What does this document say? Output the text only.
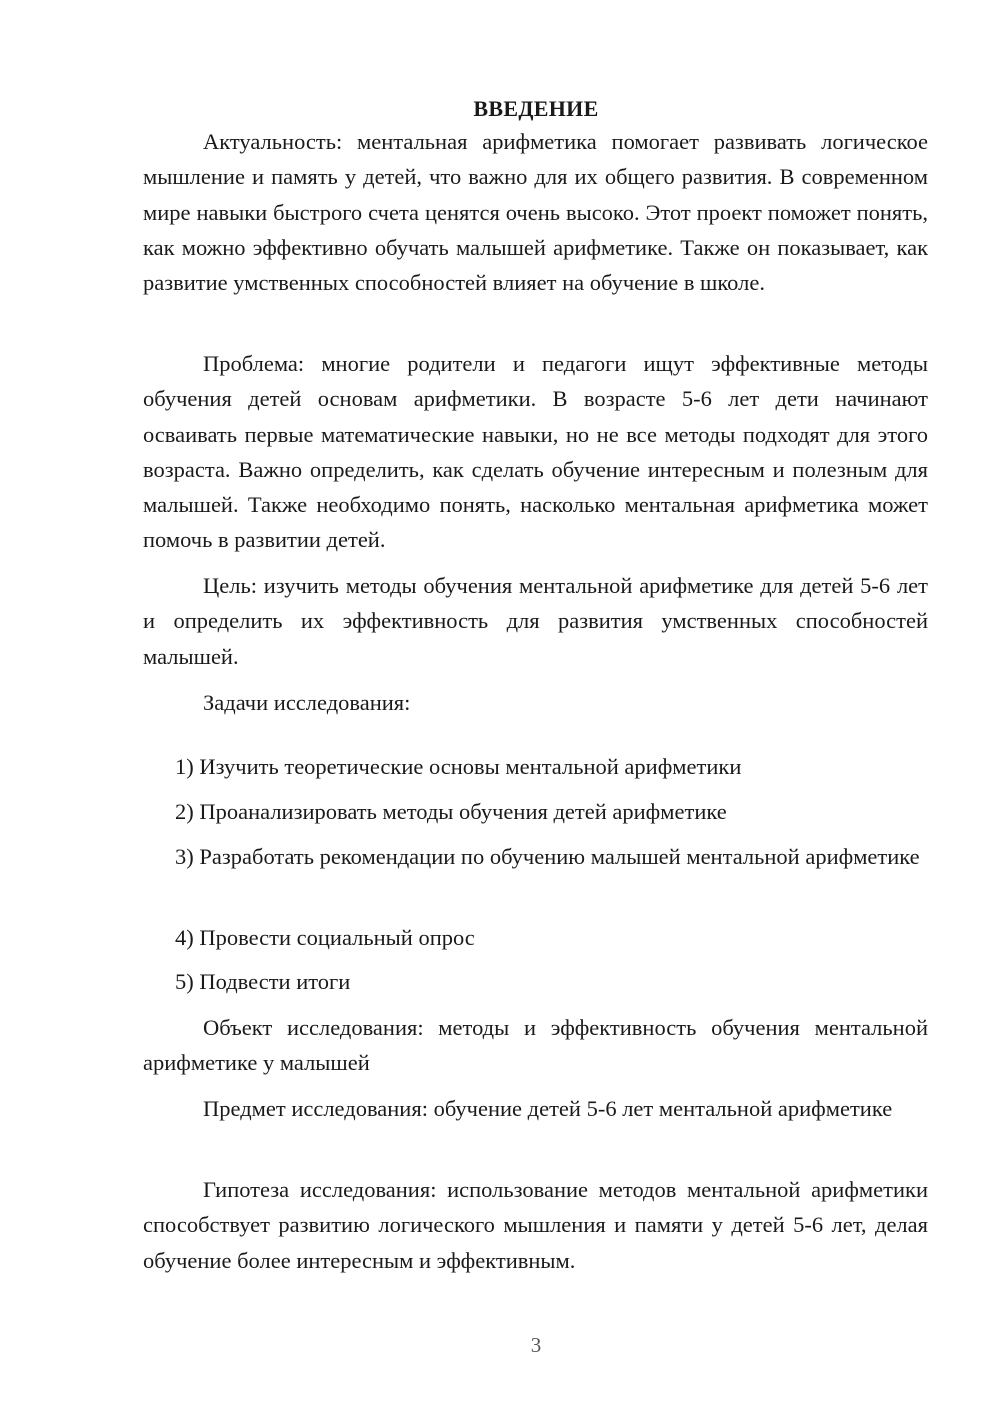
ВВЕДЕНИЕ

Актуальность: ментальная арифметика помогает развивать логическое мышление и память у детей, что важно для их общего развития. В современном мире навыки быстрого счета ценятся очень высоко. Этот проект поможет понять, как можно эффективно обучать малышей арифметике. Также он показывает, как развитие умственных способностей влияет на обучение в школе.

Проблема: многие родители и педагоги ищут эффективные методы обучения детей основам арифметики. В возрасте 5-6 лет дети начинают осваивать первые математические навыки, но не все методы подходят для этого возраста. Важно определить, как сделать обучение интересным и полезным для малышей. Также необходимо понять, насколько ментальная арифметика может помочь в развитии детей.

Цель: изучить методы обучения ментальной арифметике для детей 5-6 лет и определить их эффективность для развития умственных способностей малышей.

Задачи исследования:

1) Изучить теоретические основы ментальной арифметики

2) Проанализировать методы обучения детей арифметике

3) Разработать рекомендации по обучению малышей ментальной арифметике

4) Провести социальный опрос

5) Подвести итоги

Объект исследования: методы и эффективность обучения ментальной арифметике у малышей

Предмет исследования: обучение детей 5-6 лет ментальной арифметике

Гипотеза исследования: использование методов ментальной арифметики способствует развитию логического мышления и памяти у детей 5-6 лет, делая обучение более интересным и эффективным.

3
